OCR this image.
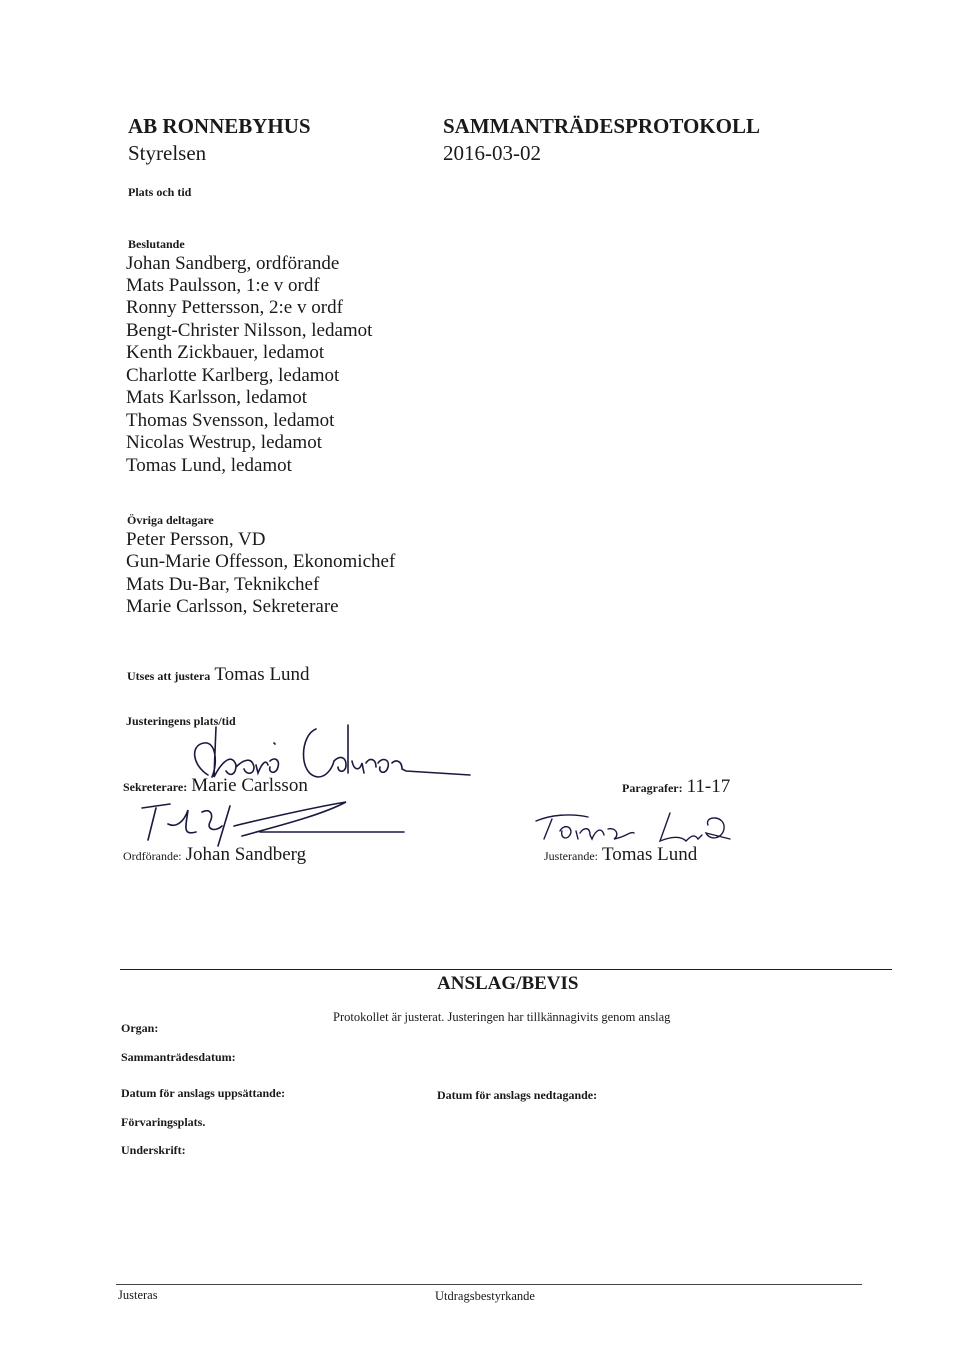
AB RONNEBYHUS
Styrelsen
SAMMANTRÄDESPROTOKOLL
2016-03-02
Plats och tid
Beslutande
Johan Sandberg, ordförande
Mats Paulsson, 1:e v ordf
Ronny Pettersson, 2:e v ordf
Bengt-Christer Nilsson, ledamot
Kenth Zickbauer, ledamot
Charlotte Karlberg, ledamot
Mats Karlsson, ledamot
Thomas Svensson, ledamot
Nicolas Westrup, ledamot
Tomas Lund, ledamot
Övriga deltagare
Peter Persson, VD
Gun-Marie Offesson, Ekonomichef
Mats Du-Bar, Teknikchef
Marie Carlsson, Sekreterare
Utses att justera Tomas Lund
Justeringens plats/tid
Sekreterare: Marie Carlsson	Paragrafer: 11-17
Ordförande: Johan Sandberg	Justerande: Tomas Lund
ANSLAG/BEVIS
Protokollet är justerat. Justeringen har tillkännagivits genom anslag
Organ:
Sammanträdesdatum:
Datum för anslags uppsättande:	Datum för anslags nedtagande:
Förvaringsplats.
Underskrift:
Justeras	Utdragsbestyrkande
